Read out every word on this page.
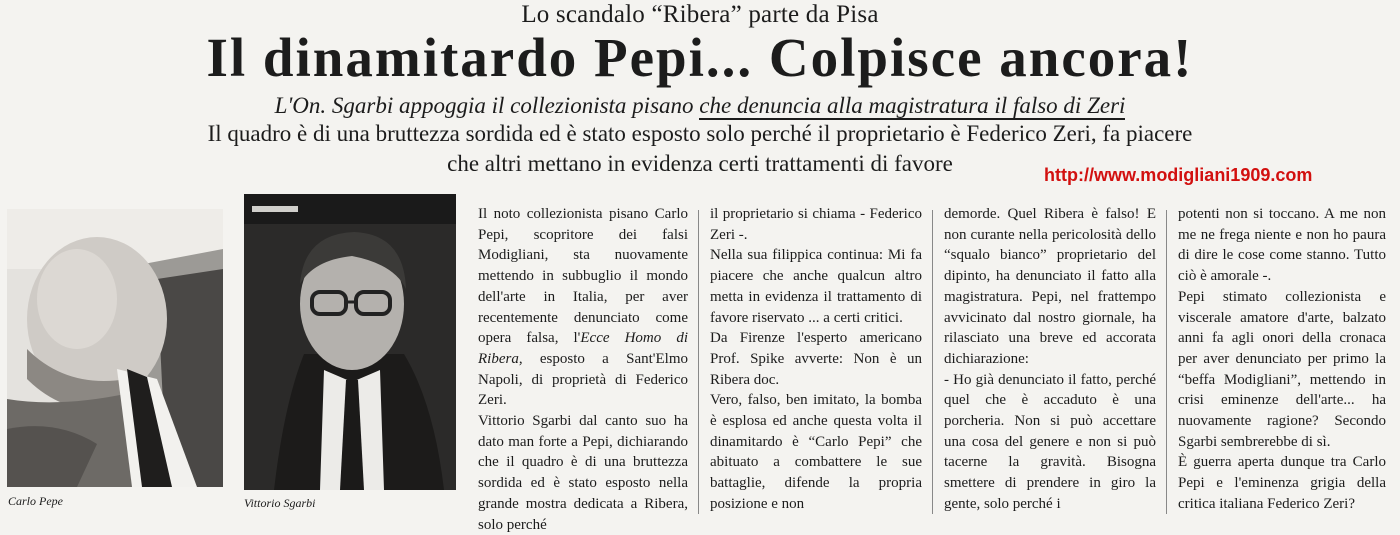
Lo scandalo “Ribera” parte da Pisa
Il dinamitardo Pepi... Colpisce ancora!
L'On. Sgarbi appoggia il collezionista pisano che denuncia alla magistratura il falso di Zeri
Il quadro è di una bruttezza sordida ed è stato esposto solo perché il proprietario è Federico Zeri, fa piacere
che altri mettano in evidenza certi trattamenti di favore	http://www.modigliani1909.com
Carlo Pepe	Vittorio Sgarbi

Il noto collezionista pisano Carlo Pepi, scopritore dei falsi Modigliani, sta nuovamente mettendo in subbuglio il mondo dell'arte in Italia, per aver recentemente denunciato come opera falsa, l'Ecce Homo di Ribera, esposto a Sant'Elmo Napoli, di proprietà di Federico Zeri.

Vittorio Sgarbi dal canto suo ha dato man forte a Pepi, dichiarando che il quadro è di una bruttezza sordida ed è stato esposto nella grande mostra dedicata a Ribera, solo perché

il proprietario si chiama - Federico Zeri -.

Nella sua filippica continua: Mi fa piacere che anche qualcun altro metta in evidenza il trattamento di favore riservato ... a certi critici.

Da Firenze l'esperto americano Prof. Spike avverte: Non è un Ribera doc.

Vero, falso, ben imitato, la bomba è esplosa ed anche questa volta il dinamitardo è “Carlo Pepi” che abituato a combattere le sue battaglie, difende la propria posizione e non

demorde. Quel Ribera è falso! E non curante nella pericolosità dello “squalo bianco” proprietario del dipinto, ha denunciato il fatto alla magistratura. Pepi, nel frattempo avvicinato dal nostro giornale, ha rilasciato una breve ed accorata dichiarazione:

- Ho già denunciato il fatto, perché quel che è accaduto è una porcheria. Non si può accettare una cosa del genere e non si può tacerne la gravità. Bisogna smettere di prendere in giro la gente, solo perché i

potenti non si toccano. A me non me ne frega niente e non ho paura di dire le cose come stanno. Tutto ciò è amorale -.

Pepi stimato collezionista e viscerale amatore d'arte, balzato anni fa agli onori della cronaca per aver denunciato per primo la “beffa Modigliani”, mettendo in crisi eminenze dell'arte... ha nuovamente ragione? Secondo Sgarbi sembrerebbe di sì.

È guerra aperta dunque tra Carlo Pepi e l'eminenza grigia della critica italiana Federico Zeri?
